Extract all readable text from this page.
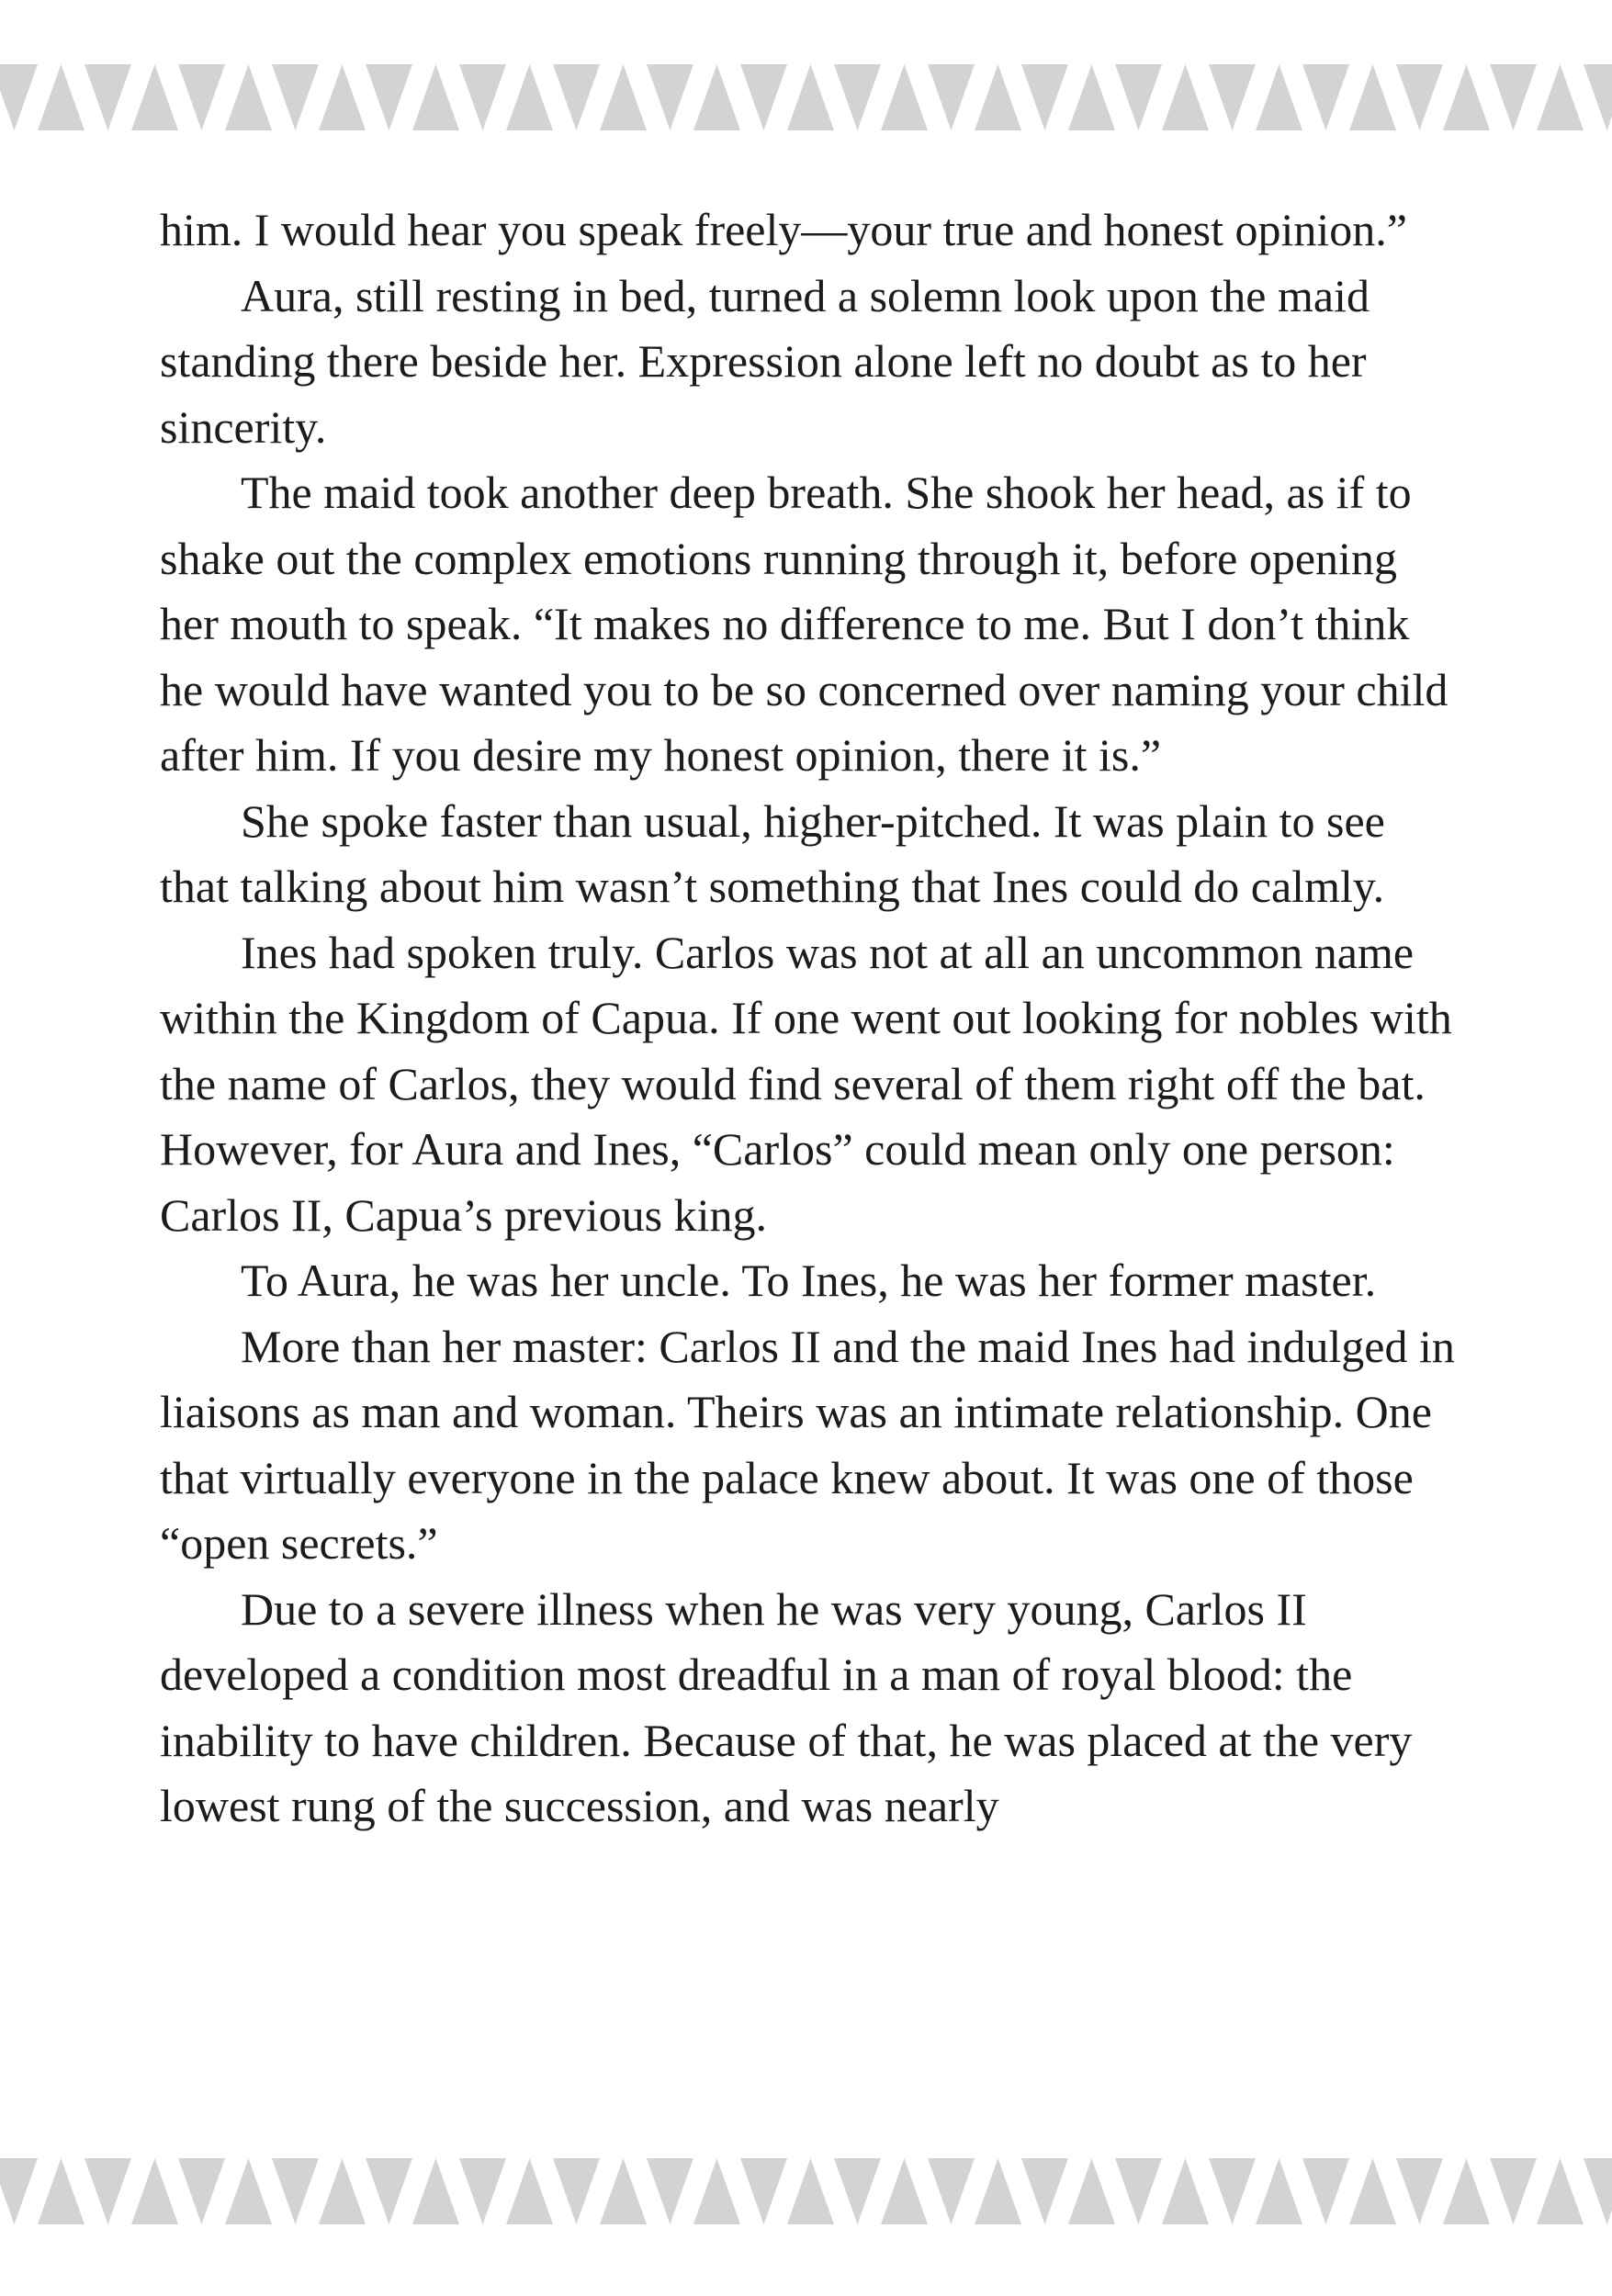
him. I would hear you speak freely—your true and honest opinion.”

Aura, still resting in bed, turned a solemn look upon the maid standing there beside her. Expression alone left no doubt as to her sincerity.

The maid took another deep breath. She shook her head, as if to shake out the complex emotions running through it, before opening her mouth to speak. “It makes no difference to me. But I don’t think he would have wanted you to be so concerned over naming your child after him. If you desire my honest opinion, there it is.”

She spoke faster than usual, higher-pitched. It was plain to see that talking about him wasn’t something that Ines could do calmly.

Ines had spoken truly. Carlos was not at all an uncommon name within the Kingdom of Capua. If one went out looking for nobles with the name of Carlos, they would find several of them right off the bat. However, for Aura and Ines, “Carlos” could mean only one person: Carlos II, Capua’s previous king.

To Aura, he was her uncle. To Ines, he was her former master.

More than her master: Carlos II and the maid Ines had indulged in liaisons as man and woman. Theirs was an intimate relationship. One that virtually everyone in the palace knew about. It was one of those “open secrets.”

Due to a severe illness when he was very young, Carlos II developed a condition most dreadful in a man of royal blood: the inability to have children. Because of that, he was placed at the very lowest rung of the succession, and was nearly
